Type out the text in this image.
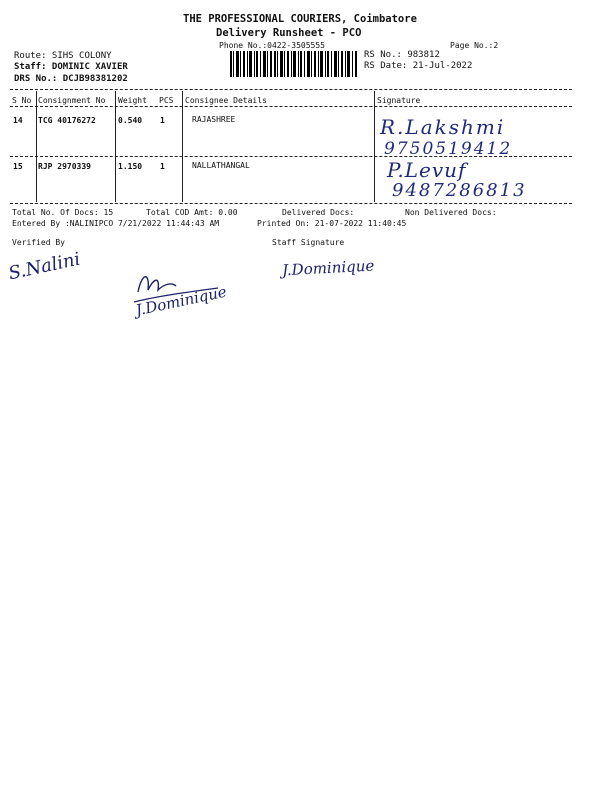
THE PROFESSIONAL COURIERS, Coimbatore
Delivery Runsheet - PCO
Phone No.:0422-3505555	Page No.:2
Route: SIHS COLONY
Staff: DOMINIC XAVIER
DRS No.: DCJB98381202
RS No.: 983812
RS Date: 21-Jul-2022
S No Consignment No Weight PCS Consignee Details	Signature
14 TCG 40176272	0.540 1	RAJASHREE	R.Lakshmi
9750519412
15 RJP 2970339	1.150 1	NALLATHANGAL	P.Levuf
9487286813
Total No. Of Docs: 15	Total COD Amt: 0.00	Delivered Docs:	Non Delivered Docs:
Entered By :NALINIPCO 7/21/2022 11:44:43 AM	Printed On: 21-07-2022 11:40:45
Verified By	Staff Signature
S.Nalini
J.Dominique
J.Dominique
